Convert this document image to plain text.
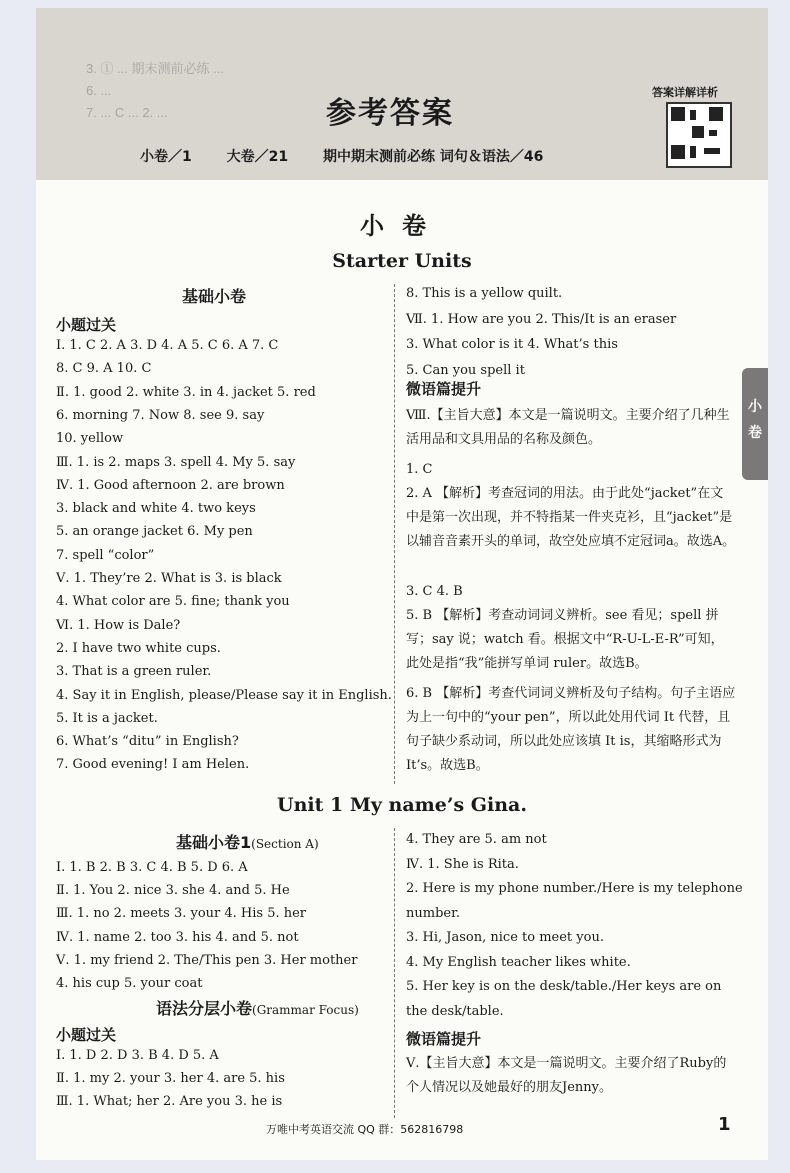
3. ① ... 期末测前必练 ...
6. ...
7. ... C ... 2. ...	参考答案
答案详解详析
小卷／1 大卷／21 期中期末测前必练 词句＆语法／46
小卷
小卷
Starter Units
基础小卷
小题过关
Ⅰ. 1. C 2. A 3. D 4. A 5. C 6. A 7. C
8. C 9. A 10. C
Ⅱ. 1. good 2. white 3. in 4. jacket 5. red
6. morning 7. Now 8. see 9. say
10. yellow
Ⅲ. 1. is 2. maps 3. spell 4. My 5. say
Ⅳ. 1. Good afternoon 2. are brown
3. black and white 4. two keys
5. an orange jacket 6. My pen
7. spell “color”
Ⅴ. 1. They’re 2. What is 3. is black
4. What color are 5. fine; thank you
Ⅵ. 1. How is Dale?
2. I have two white cups.
3. That is a green ruler.
4. Say it in English, please/Please say it in English.
5. It is a jacket.
6. What’s “ditu” in English?
7. Good evening! I am Helen.
8. This is a yellow quilt.
Ⅶ. 1. How are you 2. This/It is an eraser
3. What color is it 4. What’s this
5. Can you spell it
微语篇提升
Ⅷ.【主旨大意】本文是一篇说明文。主要介绍了几种生活用品和文具用品的名称及颜色。
1. C
2. A 【解析】考查冠词的用法。由于此处“jacket”在文中是第一次出现，并不特指某一件夹克衫，且“jacket”是以辅音音素开头的单词，故空处应填不定冠词a。故选A。
3. C 4. B
5. B 【解析】考查动词词义辨析。see 看见；spell 拼写；say 说；watch 看。根据文中“R-U-L-E-R”可知，此处是指“我”能拼写单词 ruler。故选B。
6. B 【解析】考查代词词义辨析及句子结构。句子主语应为上一句中的“your pen”，所以此处用代词 It 代替，且句子缺少系动词，所以此处应该填 It is，其缩略形式为 It’s。故选B。
Unit 1 My name’s Gina.
基础小卷1(Section A)
Ⅰ. 1. B 2. B 3. C 4. B 5. D 6. A
Ⅱ. 1. You 2. nice 3. she 4. and 5. He
Ⅲ. 1. no 2. meets 3. your 4. His 5. her
Ⅳ. 1. name 2. too 3. his 4. and 5. not
Ⅴ. 1. my friend 2. The/This pen 3. Her mother
4. his cup 5. your coat
语法分层小卷(Grammar Focus)
小题过关
Ⅰ. 1. D 2. D 3. B 4. D 5. A
Ⅱ. 1. my 2. your 3. her 4. are 5. his
Ⅲ. 1. What; her 2. Are you 3. he is
4. They are 5. am not
Ⅳ. 1. She is Rita.
2. Here is my phone number./Here is my telephone
number.
3. Hi, Jason, nice to meet you.
4. My English teacher likes white.
5. Her key is on the desk/table./Her keys are on
the desk/table.
微语篇提升
Ⅴ.【主旨大意】本文是一篇说明文。主要介绍了Ruby的个人情况以及她最好的朋友Jenny。
万唯中考英语交流 QQ 群：562816798	1
